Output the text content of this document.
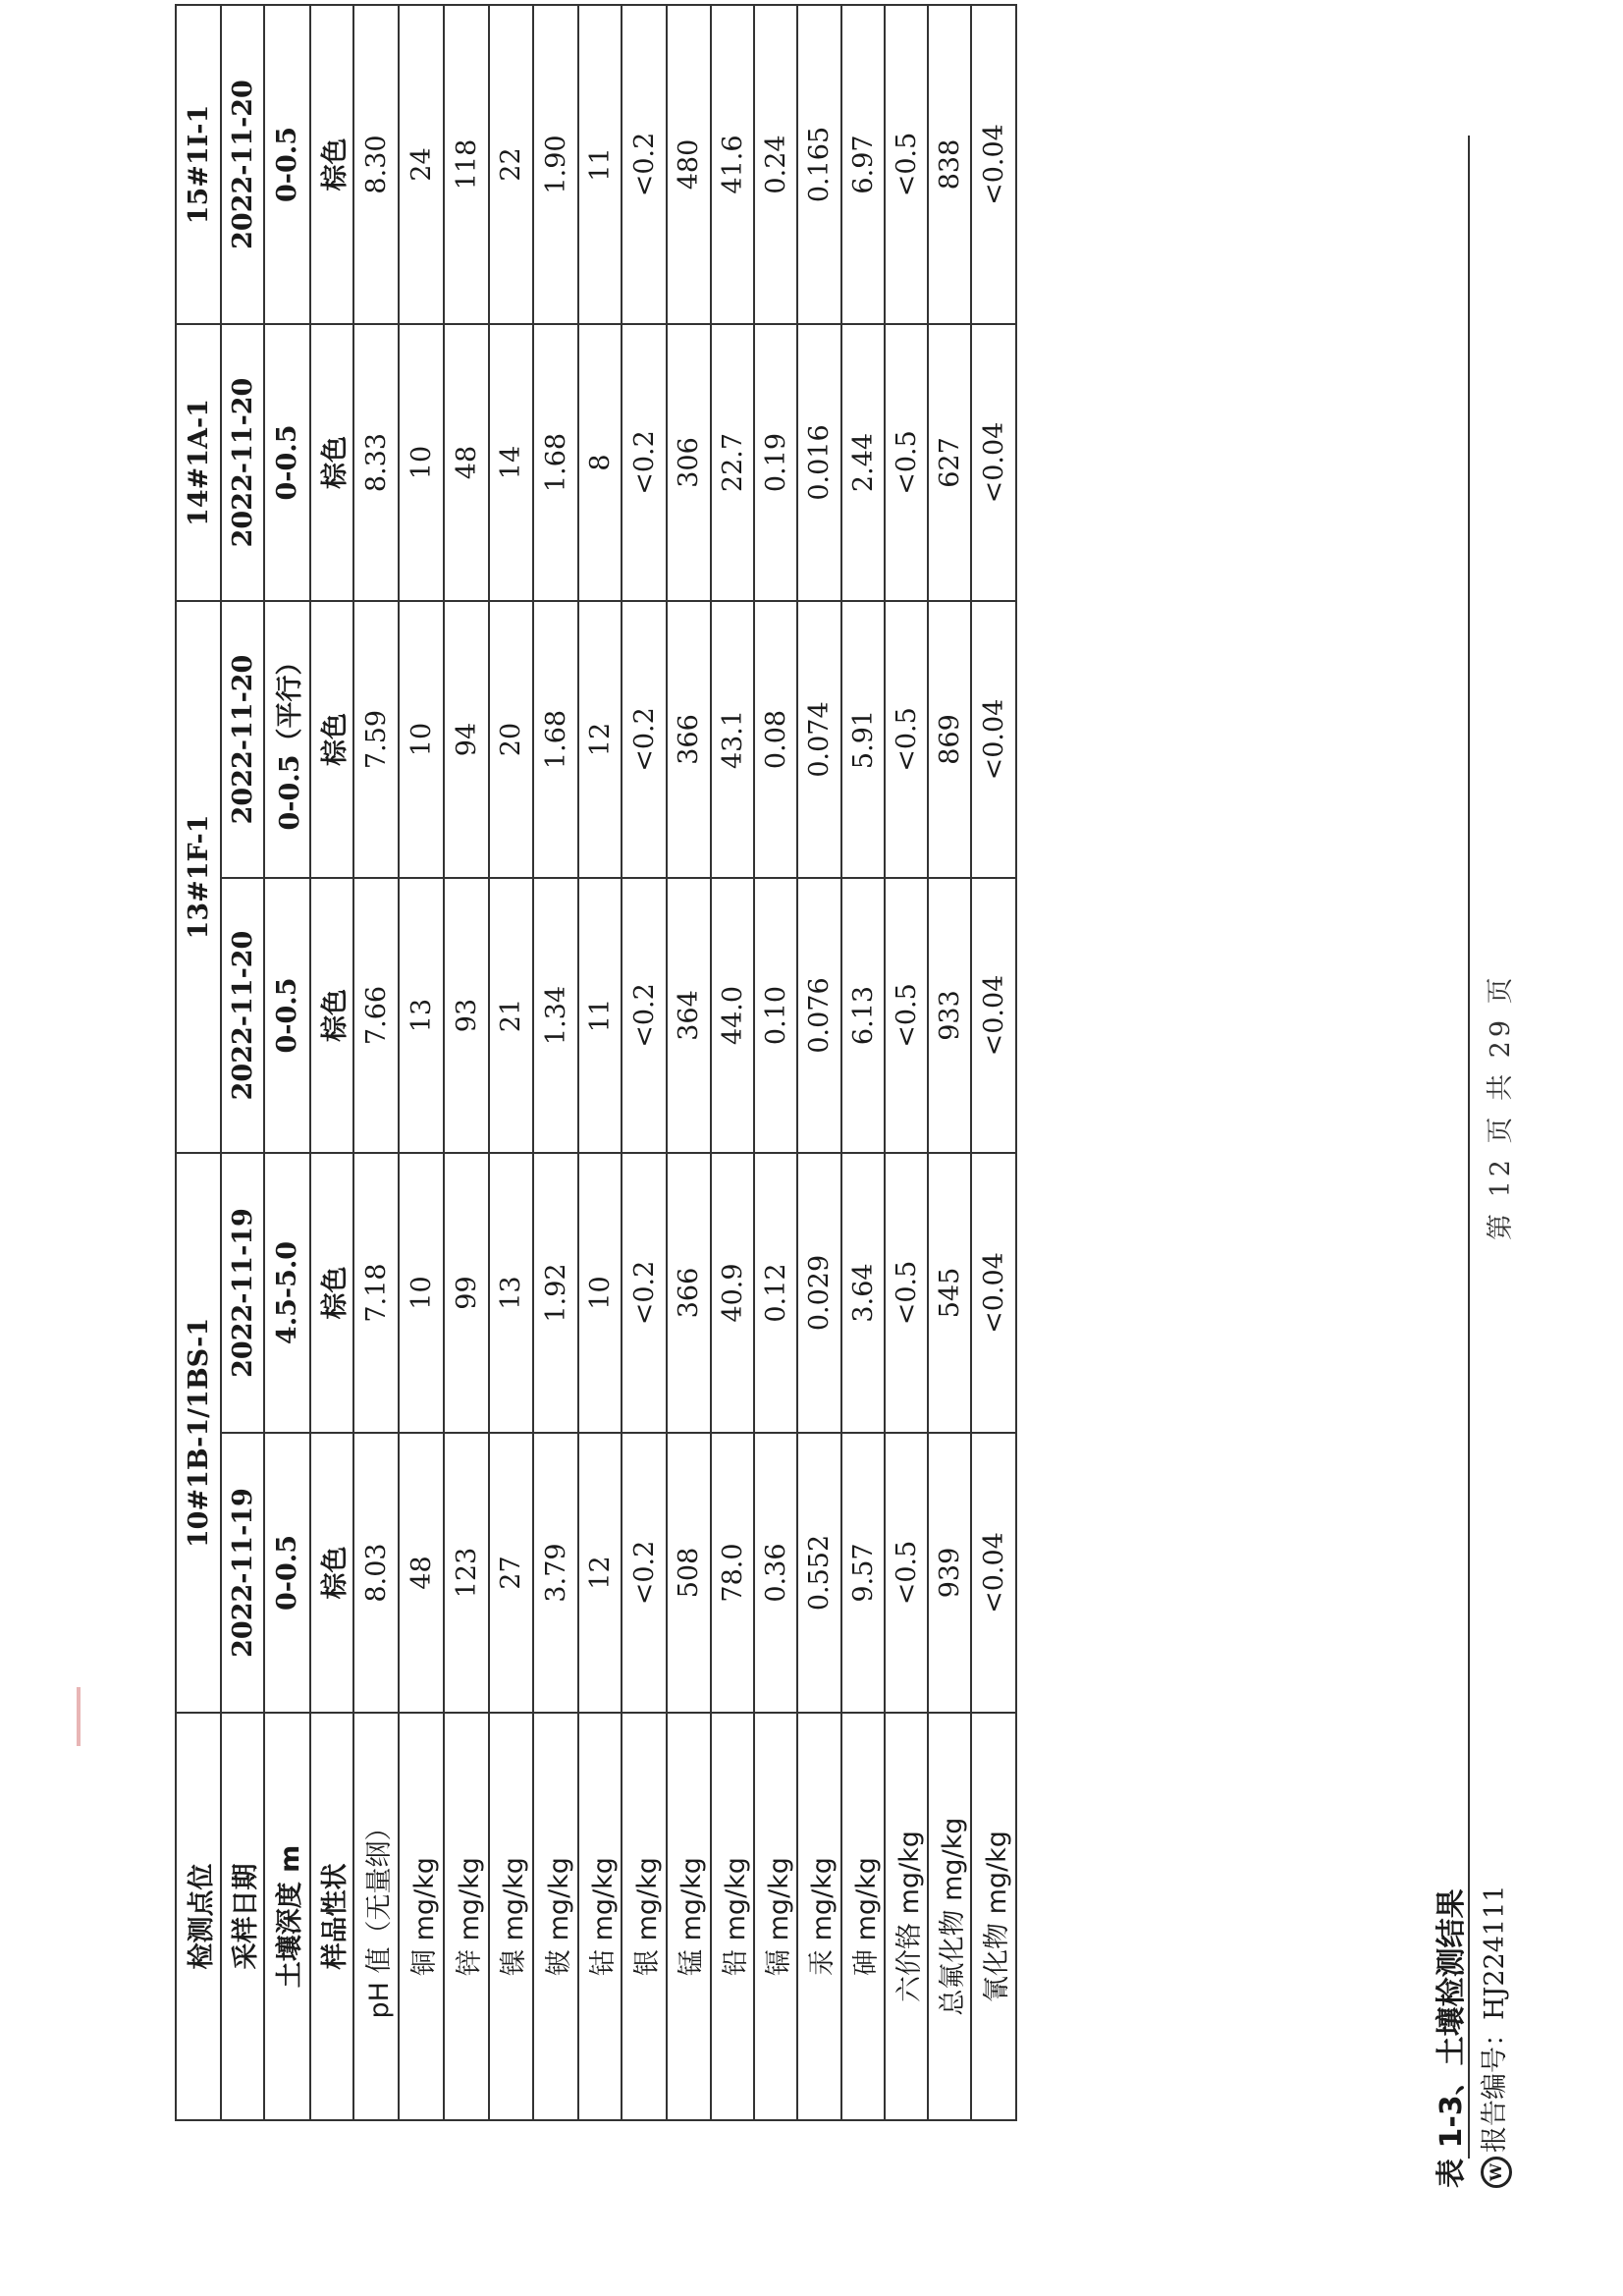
W报告编号：HJ224111
第 12 页 共 29 页
表 1-3、土壤检测结果
检测点位	10#1B-1/1BS-1		13#1F-1		14#1A-1	15#1I-1
采样日期	2022-11-19	2022-11-19	2022-11-20	2022-11-20	2022-11-20	2022-11-20
土壤深度 m	0-0.5	4.5-5.0	0-0.5	0-0.5（平行）	0-0.5	0-0.5
样品性状	棕色	棕色	棕色	棕色	棕色	棕色
pH 值（无量纲）	8.03	7.18	7.66	7.59	8.33	8.30
铜 mg/kg	48	10	13	10	10	24
锌 mg/kg	123	99	93	94	48	118
镍 mg/kg	27	13	21	20	14	22
铍 mg/kg	3.79	1.92	1.34	1.68	1.68	1.90
钴 mg/kg	12	10	11	12	8	11
银 mg/kg	<0.2	<0.2	<0.2	<0.2	<0.2	<0.2
锰 mg/kg	508	366	364	366	306	480
铅 mg/kg	78.0	40.9	44.0	43.1	22.7	41.6
镉 mg/kg	0.36	0.12	0.10	0.08	0.19	0.24
汞 mg/kg	0.552	0.029	0.076	0.074	0.016	0.165
砷 mg/kg	9.57	3.64	6.13	5.91	2.44	6.97
六价铬 mg/kg	<0.5	<0.5	<0.5	<0.5	<0.5	<0.5
总氟化物 mg/kg	939	545	933	869	627	838
氰化物 mg/kg	<0.04	<0.04	<0.04	<0.04	<0.04	<0.04
